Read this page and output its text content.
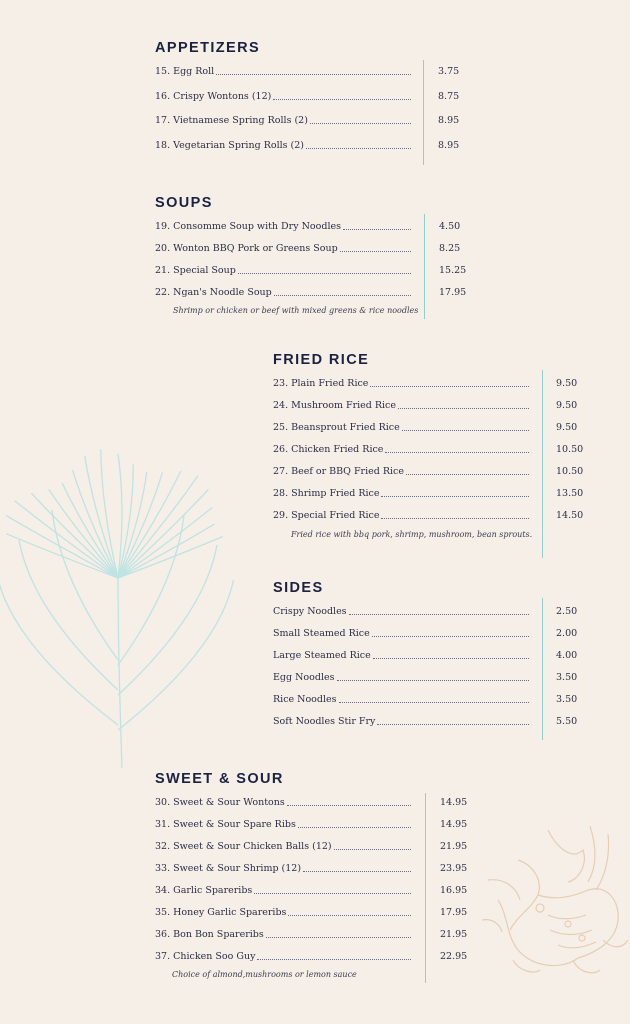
APPETIZERS
15. Egg Roll	3.75
16. Crispy Wontons (12)	8.75
17. Vietnamese Spring Rolls (2)	8.95
18. Vegetarian Spring Rolls (2)	8.95
SOUPS
Shrimp or chicken or beef with mixed greens & rice noodles
19. Consomme Soup with Dry Noodles	4.50
20. Wonton BBQ Pork or Greens Soup	8.25
21. Special Soup	15.25
22. Ngan's Noodle Soup	17.95
FRIED RICE
Fried rice with bbq pork, shrimp, mushroom, bean sprouts.
23. Plain Fried Rice	9.50
24. Mushroom Fried Rice	9.50
25. Beansprout Fried Rice	9.50
26. Chicken Fried Rice	10.50
27. Beef or BBQ Fried Rice	10.50
28. Shrimp Fried Rice	13.50
29. Special Fried Rice	14.50
SIDES
Crispy Noodles	2.50
Small Steamed Rice	2.00
Large Steamed Rice	4.00
Egg Noodles	3.50
Rice Noodles	3.50
Soft Noodles Stir Fry	5.50
SWEET & SOUR
Choice of almond,mushrooms or lemon sauce
30. Sweet & Sour Wontons	14.95
31. Sweet & Sour Spare Ribs	14.95
32. Sweet & Sour Chicken Balls (12)	21.95
33. Sweet & Sour Shrimp (12)	23.95
34. Garlic Spareribs	16.95
35. Honey Garlic Spareribs	17.95
36. Bon Bon Spareribs	21.95
37. Chicken Soo Guy	22.95
